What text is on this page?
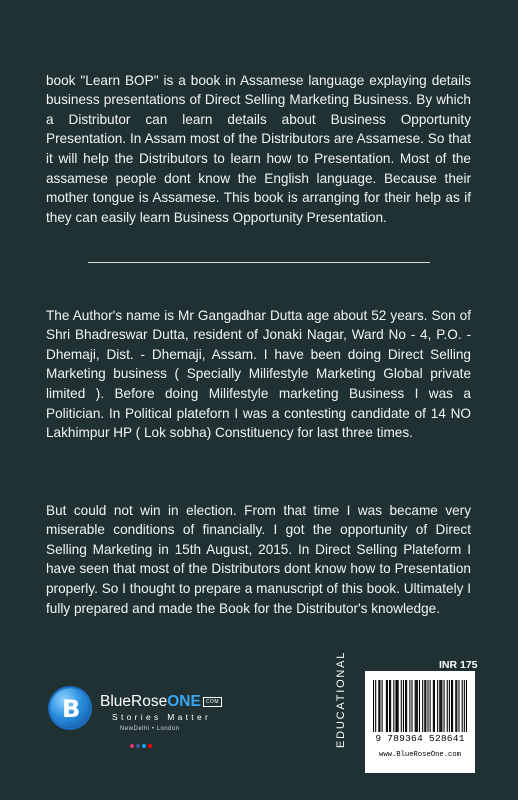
book "Learn BOP" is a book in Assamese language explaying details business presentations of Direct Selling Marketing Business. By which a Distributor can learn details about Business Opportunity Presentation. In Assam most of the Distributors are Assamese. So that it will help the Distributors to learn how to Presentation. Most of the assamese people dont know the English language. Because their mother tongue is Assamese. This book is arranging for their help as if they can easily learn Business Opportunity Presentation.

The Author's name is Mr Gangadhar Dutta age about 52 years. Son of Shri Bhadreswar Dutta, resident of Jonaki Nagar, Ward No - 4, P.O. - Dhemaji, Dist. - Dhemaji, Assam. I have been doing Direct Selling Marketing business ( Specially Milifestyle Marketing Global private limited ). Before doing Milifestyle marketing Business I was a Politician. In Political plateforn I was a contesting candidate of 14 NO Lakhimpur HP ( Lok sobha) Constituency for last three times.

But could not win in election. From that time I was became very miserable conditions of financially. I got the opportunity of Direct Selling Marketing in 15th August, 2015. In Direct Selling Plateform I have seen that most of the Distributors dont know how to Presentation properly. So I thought to prepare a manuscript of this book. Ultimately I fully prepared and made the Book for the Distributor's knowledge.

B BlueRoseONE COM
Stories Matter
NewDelhi • London
INR 175
EDUCATIONAL	9 789364 528641
www.BlueRoseOne.com
